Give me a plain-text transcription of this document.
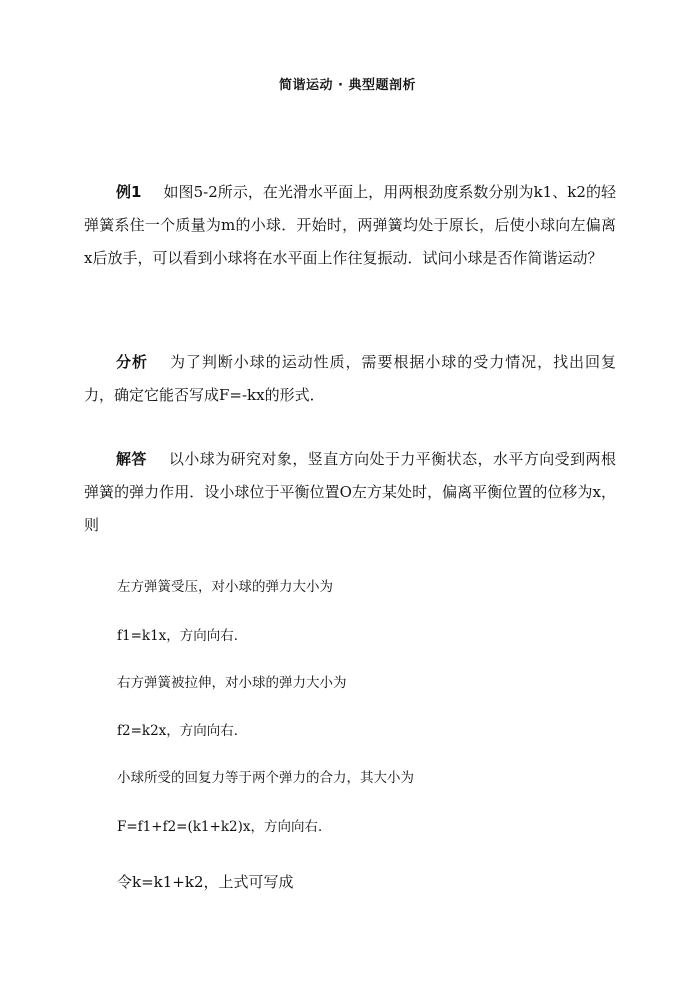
简谐运动 · 典型题剖析

例1 如图5-2所示，在光滑水平面上，用两根劲度系数分别为k1、k2的轻弹簧系住一个质量为m的小球．开始时，两弹簧均处于原长，后使小球向左偏离x后放手，可以看到小球将在水平面上作往复振动．试问小球是否作简谐运动？

分析 为了判断小球的运动性质，需要根据小球的受力情况，找出回复力，确定它能否写成F=-kx的形式．

解答 以小球为研究对象，竖直方向处于力平衡状态，水平方向受到两根弹簧的弹力作用．设小球位于平衡位置O左方某处时，偏离平衡位置的位移为x，则

左方弹簧受压，对小球的弹力大小为

f1=k1x，方向向右．

右方弹簧被拉伸，对小球的弹力大小为

f2=k2x，方向向右．

小球所受的回复力等于两个弹力的合力，其大小为

F=f1+f2=(k1+k2)x，方向向右．

令k=k1+k2，上式可写成
